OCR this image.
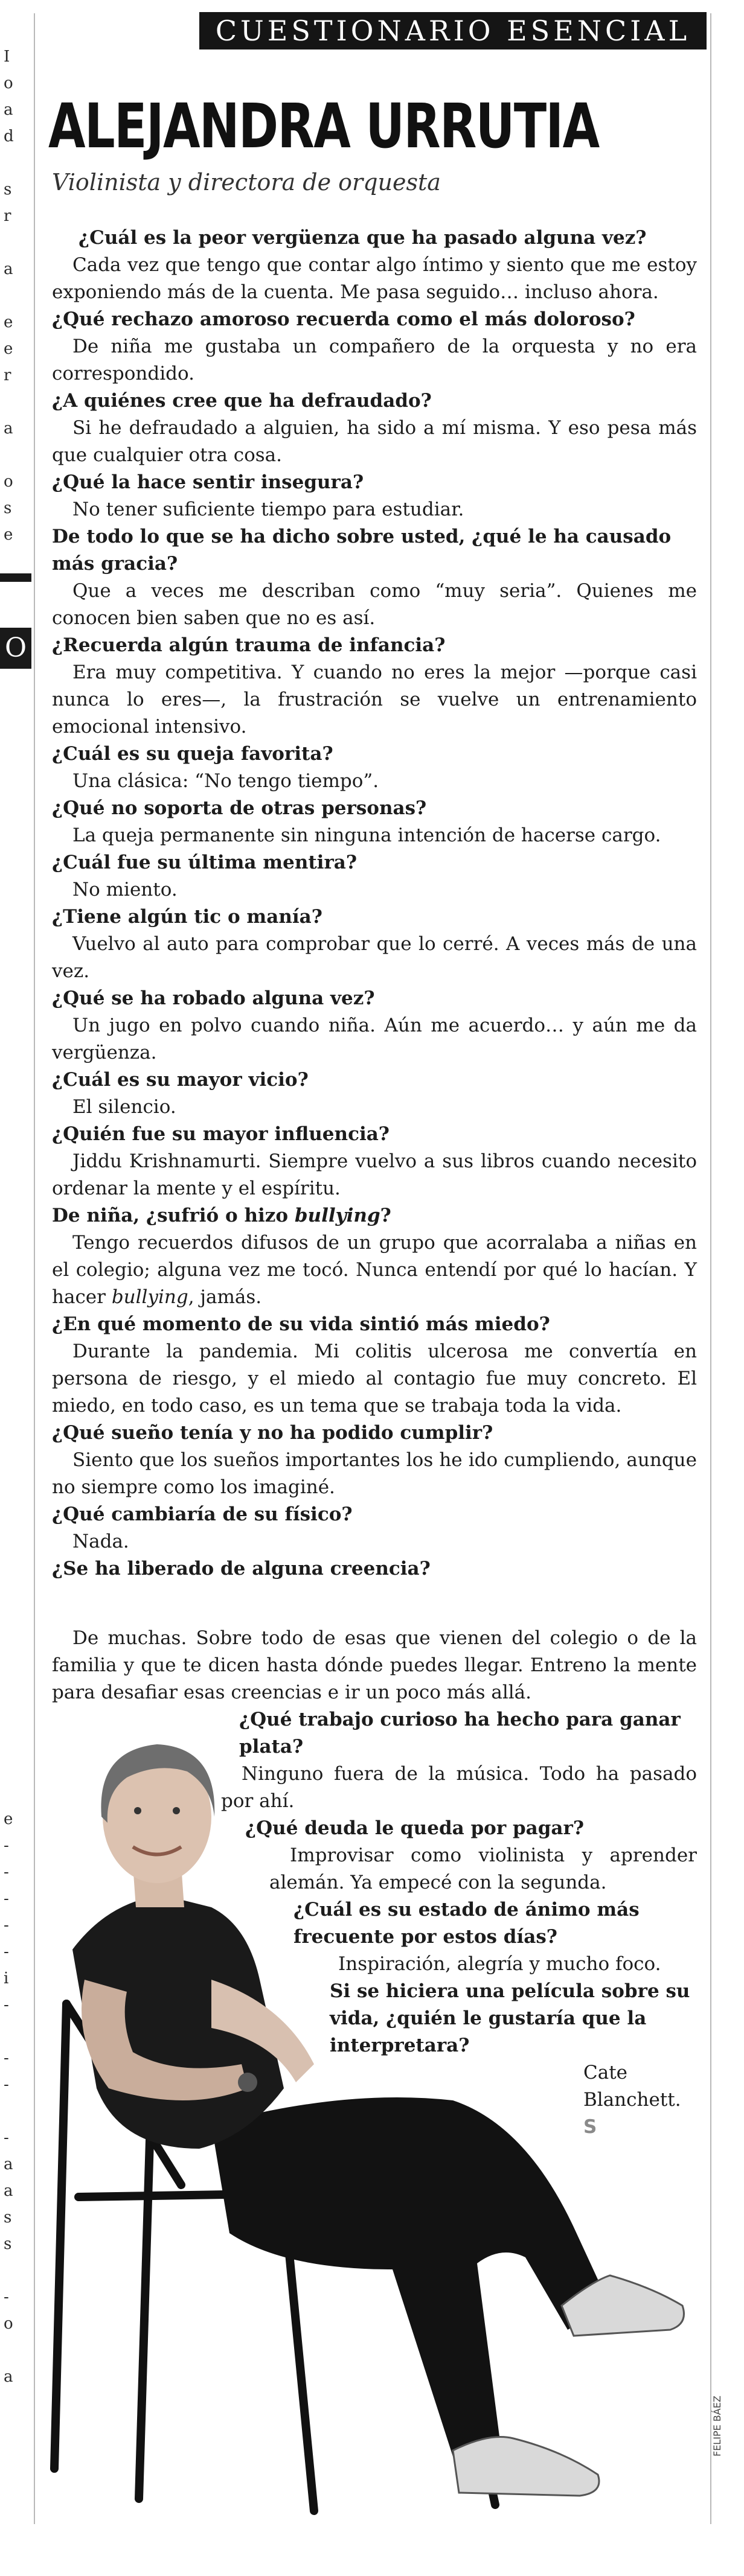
I
o
a
d
s
r
a
e
e
r
a
o
s
e
O
e
-
-
-
-
-
i
-
-
-
-
a
a
s
s
-
o
a
CUESTIONARIO ESENCIAL
ALEJANDRA URRUTIA
Violinista y directora de orquesta

¿Cuál es la peor vergüenza que ha pasado alguna vez?

Cada vez que tengo que contar algo íntimo y siento que me estoy exponiendo más de la cuenta. Me pasa seguido… incluso ahora.

¿Qué rechazo amoroso recuerda como el más doloroso?

De niña me gustaba un compañero de la orquesta y no era correspondido.

¿A quiénes cree que ha defraudado?

Si he defraudado a alguien, ha sido a mí misma. Y eso pesa más que cualquier otra cosa.

¿Qué la hace sentir insegura?

No tener suficiente tiempo para estudiar.

De todo lo que se ha dicho sobre usted, ¿qué le ha causado más gracia?

Que a veces me describan como “muy seria”. Quienes me conocen bien saben que no es así.

¿Recuerda algún trauma de infancia?

Era muy competitiva. Y cuando no eres la mejor —porque casi nunca lo eres—, la frustración se vuelve un entrenamiento emocional intensivo.

¿Cuál es su queja favorita?

Una clásica: “No tengo tiempo”.

¿Qué no soporta de otras personas?

La queja permanente sin ninguna intención de hacerse cargo.

¿Cuál fue su última mentira?

No miento.

¿Tiene algún tic o manía?

Vuelvo al auto para comprobar que lo cerré. A veces más de una vez.

¿Qué se ha robado alguna vez?

Un jugo en polvo cuando niña. Aún me acuerdo… y aún me da vergüenza.

¿Cuál es su mayor vicio?

El silencio.

¿Quién fue su mayor influencia?

Jiddu Krishnamurti. Siempre vuelvo a sus libros cuando necesito ordenar la mente y el espíritu.

De niña, ¿sufrió o hizo bullying?

Tengo recuerdos difusos de un grupo que acorralaba a niñas en el colegio; alguna vez me tocó. Nunca entendí por qué lo hacían. Y hacer bullying, jamás.

¿En qué momento de su vida sintió más miedo?

Durante la pandemia. Mi colitis ulcerosa me convertía en persona de riesgo, y el miedo al contagio fue muy concreto. El miedo, en todo caso, es un tema que se trabaja toda la vida.

¿Qué sueño tenía y no ha podido cumplir?

Siento que los sueños importantes los he ido cumpliendo, aunque no siempre como los imaginé.

¿Qué cambiaría de su físico?

Nada.

¿Se ha liberado de alguna creencia?

De muchas. Sobre todo de esas que vienen del colegio o de la familia y que te dicen hasta dónde puedes llegar. Entreno la mente para desafiar esas creencias e ir un poco más allá.

¿Qué trabajo curioso ha hecho para ganar plata?

Ninguno fuera de la música. Todo ha pasado por ahí.

¿Qué deuda le queda por pagar?

Improvisar como violinista y aprender alemán. Ya empecé con la segunda.

¿Cuál es su estado de ánimo más frecuente por estos días?

Inspiración, alegría y mucho foco.

Si se hiciera una película sobre su vida, ¿quién le gustaría que la interpretara?

Cate Blanchett. S

FELIPE BÁEZ
